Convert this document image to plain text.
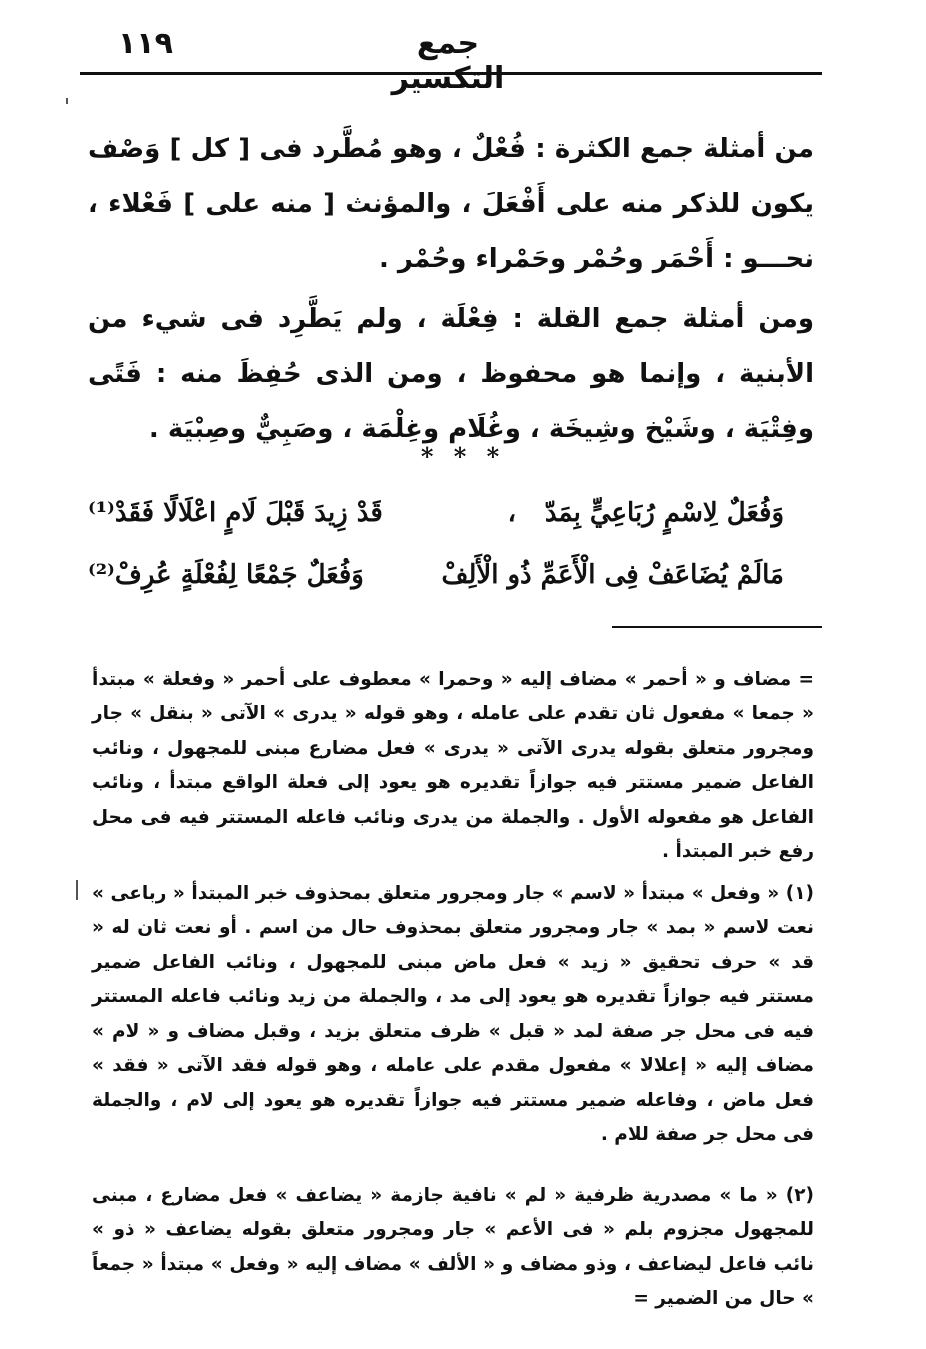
١١٩	جمع التكسير

من أمثلة جمع الكثرة : فُعْلٌ ، وهو مُطَّرد فى [ كل ] وَصْف يكون للذكر منه على أَفْعَلَ ، والمؤنث [ منه على ] فَعْلاء ، نحـــو : أَحْمَر وحُمْر وحَمْراء وحُمْر .

ومن أمثلة جمع القلة : فِعْلَة ، ولم يَطَّرِد فى شيء من الأبنية ، وإنما هو محفوظ ، ومن الذى حُفِظَ منه : فَتًى وفِتْيَة ، وشَيْخ وشِيخَة ، وغُلَام وغِلْمَة ، وصَبِيٌّ وصِبْيَة .

* * *
وَفُعَلٌ لِاسْمٍ رُبَاعِيٍّ بِمَدّ
،
قَدْ زِيدَ قَبْلَ لَامٍ اعْلَالًا فَقَدْ⁽¹⁾
مَالَمْ يُضَاعَفْ فِى الْأَعَمِّ ذُو الْأَلِفْ
وَفُعَلٌ جَمْعًا لِفُعْلَةٍ عُرِفْ⁽²⁾

= مضاف و « أحمر » مضاف إليه « وحمرا » معطوف على أحمر « وفعلة » مبتدأ « جمعا » مفعول ثان تقدم على عامله ، وهو قوله « يدرى » الآتى « بنقل » جار ومجرور متعلق بقوله يدرى الآتى « يدرى » فعل مضارع مبنى للمجهول ، ونائب الفاعل ضمير مستتر فيه جوازاً تقديره هو يعود إلى فعلة الواقع مبتدأ ، ونائب الفاعل هو مفعوله الأول . والجملة من يدرى ونائب فاعله المستتر فيه فى محل رفع خبر المبتدأ .

(١) « وفعل » مبتدأ « لاسم » جار ومجرور متعلق بمحذوف خبر المبتدأ « رباعى » نعت لاسم « بمد » جار ومجرور متعلق بمحذوف حال من اسم . أو نعت ثان له « قد » حرف تحقيق « زيد » فعل ماض مبنى للمجهول ، ونائب الفاعل ضمير مستتر فيه جوازاً تقديره هو يعود إلى مد ، والجملة من زيد ونائب فاعله المستتر فيه فى محل جر صفة لمد « قبل » ظرف متعلق بزيد ، وقبل مضاف و « لام » مضاف إليه « إعلالا » مفعول مقدم على عامله ، وهو قوله فقد الآتى « فقد » فعل ماض ، وفاعله ضمير مستتر فيه جوازاً تقديره هو يعود إلى لام ، والجملة فى محل جر صفة للام .

(٢) « ما » مصدرية ظرفية « لم » نافية جازمة « يضاعف » فعل مضارع ، مبنى للمجهول مجزوم بلم « فى الأعم » جار ومجرور متعلق بقوله يضاعف « ذو » نائب فاعل ليضاعف ، وذو مضاف و « الألف » مضاف إليه « وفعل » مبتدأ « جمعاً » حال من الضمير =
